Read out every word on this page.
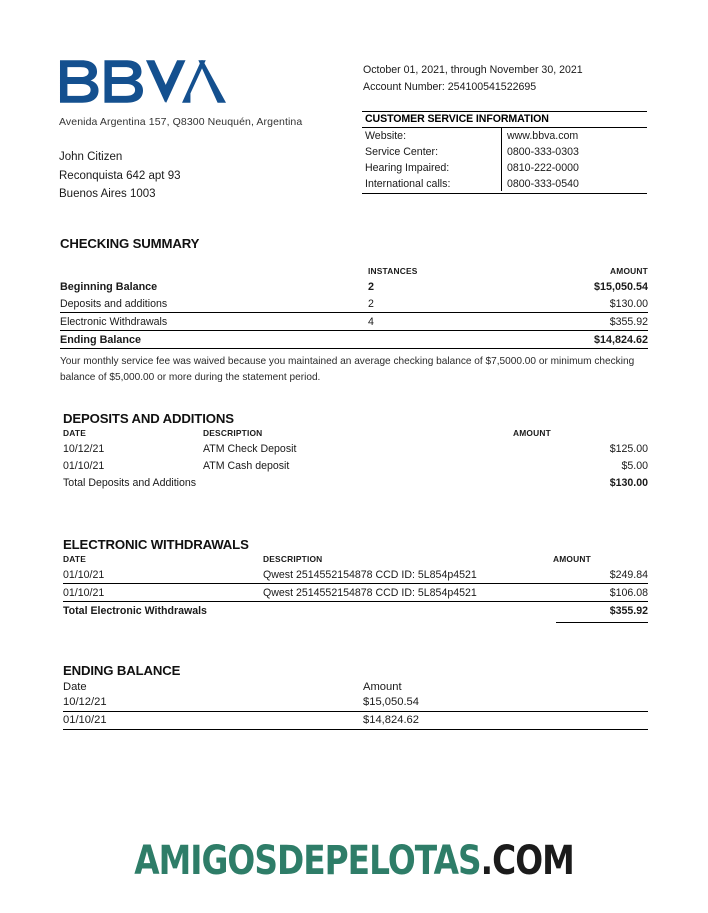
Avenida Argentina 157, Q8300 Neuquén, Argentina
John Citizen
Reconquista 642 apt 93
Buenos Aires 1003
October 01, 2021, through November 30, 2021
Account Number: 254100541522695
CUSTOMER SERVICE INFORMATION
Website:	www.bbva.com
Service Center:	0800-333-0303
Hearing Impaired:	0810-222-0000
International calls:	0800-333-0540
CHECKING SUMMARY
	INSTANCES	AMOUNT
Beginning Balance	2	$15,050.54
Deposits and additions	2	$130.00
Electronic Withdrawals	4	$355.92
Ending Balance		$14,824.62
Your monthly service fee was waived because you maintained an average checking balance of $7,5000.00 or minimum checking balance of $5,000.00 or more during the statement period.
DEPOSITS AND ADDITIONS
DATE	DESCRIPTION	AMOUNT
10/12/21	ATM Check Deposit	$125.00
01/10/21	ATM Cash deposit	$5.00
Total Deposits and Additions		$130.00
ELECTRONIC WITHDRAWALS
DATE	DESCRIPTION	AMOUNT
01/10/21	Qwest 2514552154878 CCD ID: 5L854p4521	$249.84
01/10/21	Qwest 2514552154878 CCD ID: 5L854p4521	$106.08
Total Electronic Withdrawals		$355.92
ENDING BALANCE
Date	Amount
10/12/21	$15,050.54
01/10/21	$14,824.62
AMIGOSDEPELOTAS.COM
